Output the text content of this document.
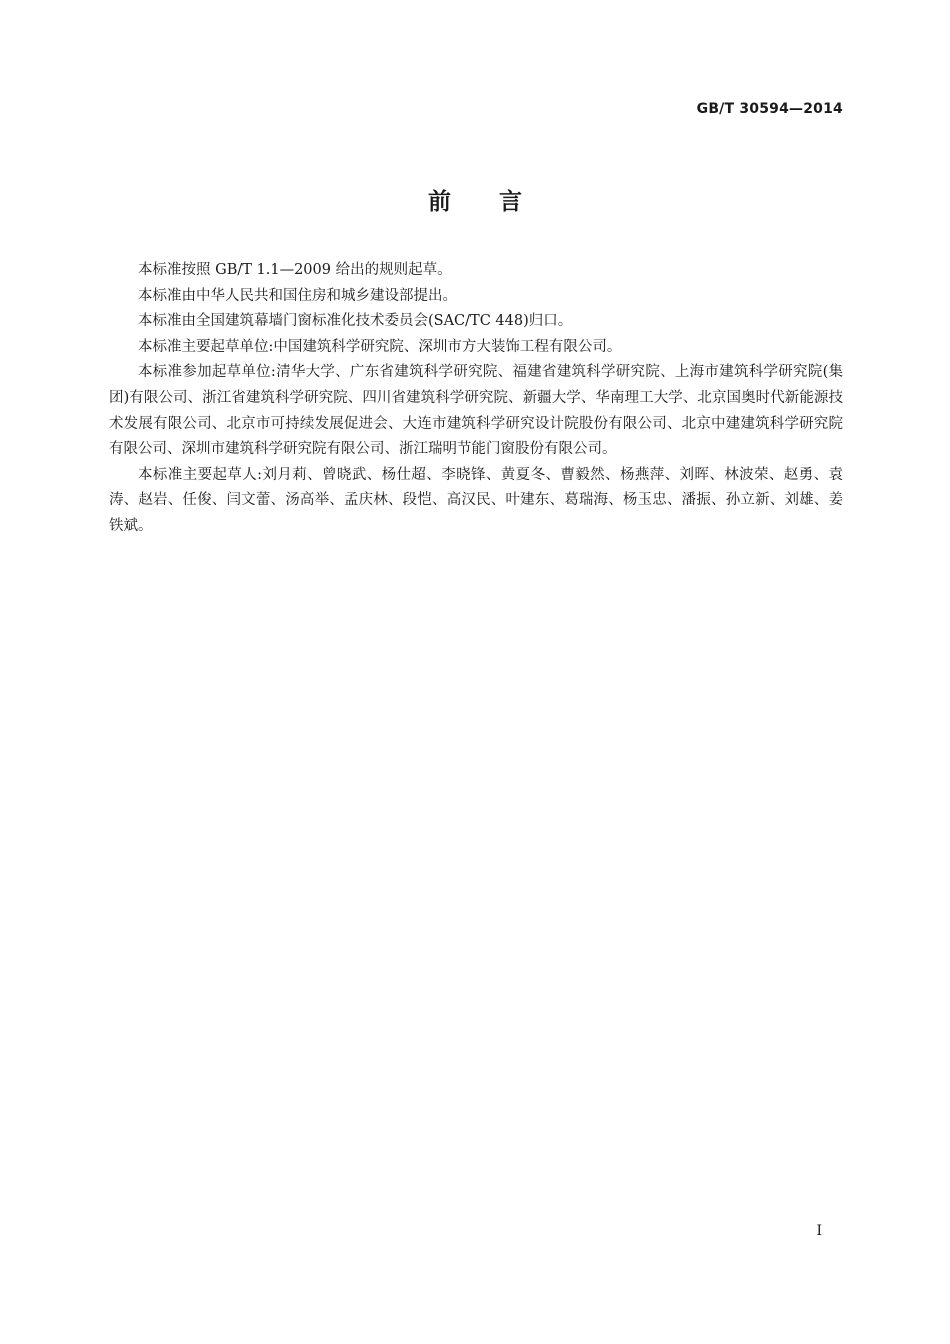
GB/T 30594—2014
前言

本标准按照 GB/T 1.1—2009 给出的规则起草。

本标准由中华人民共和国住房和城乡建设部提出。

本标准由全国建筑幕墙门窗标准化技术委员会(SAC/TC 448)归口。

本标准主要起草单位:中国建筑科学研究院、深圳市方大装饰工程有限公司。

本标准参加起草单位:清华大学、广东省建筑科学研究院、福建省建筑科学研究院、上海市建筑科学研究院(集团)有限公司、浙江省建筑科学研究院、四川省建筑科学研究院、新疆大学、华南理工大学、北京国奥时代新能源技术发展有限公司、北京市可持续发展促进会、大连市建筑科学研究设计院股份有限公司、北京中建建筑科学研究院有限公司、深圳市建筑科学研究院有限公司、浙江瑞明节能门窗股份有限公司。

本标准主要起草人:刘月莉、曾晓武、杨仕超、李晓锋、黄夏冬、曹毅然、杨燕萍、刘晖、林波荣、赵勇、袁涛、赵岩、任俊、闫文蕾、汤高举、孟庆林、段恺、高汉民、叶建东、葛瑞海、杨玉忠、潘振、孙立新、刘雄、姜铁斌。

I
